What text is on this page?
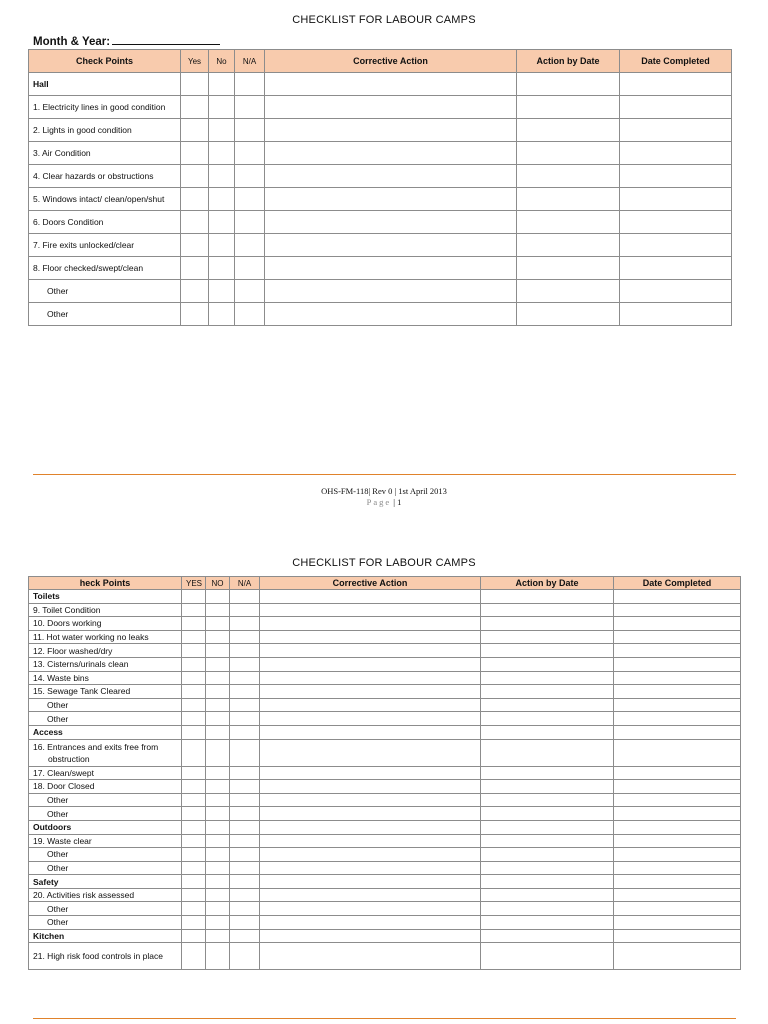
CHECKLIST FOR LABOUR CAMPS
Month & Year:
Check Points	Yes	No	N/A	Corrective Action	Action by Date	Date Completed
Hall						

1. Electricity lines in good condition						

2. Lights in good condition						

3. Air Condition						

4. Clear hazards or obstructions						

5. Windows intact/ clean/open/shut						

6. Doors Condition						

7. Fire exits unlocked/clear						

8. Floor checked/swept/clean						

Other						
Other						
OHS-FM-118| Rev 0 | 1st April 2013
Page | 1
CHECKLIST FOR LABOUR CAMPS
heck Points	YES	NO	N/A	Corrective Action	Action by Date	Date Completed
Toilets						
9. Toilet Condition						
10. Doors working						
11. Hot water working no leaks						
12. Floor washed/dry						
13. Cisterns/urinals clean						
14. Waste bins						
15. Sewage Tank Cleared						
Other						
Other						
Access						

16. Entrances and exits free from obstruction						

17. Clean/swept						
18. Door Closed						
Other						
Other						
Outdoors						
19. Waste clear						
Other						
Other						
Safety						
20. Activities risk assessed						
Other						
Other						
Kitchen						

21. High risk food controls in place						
